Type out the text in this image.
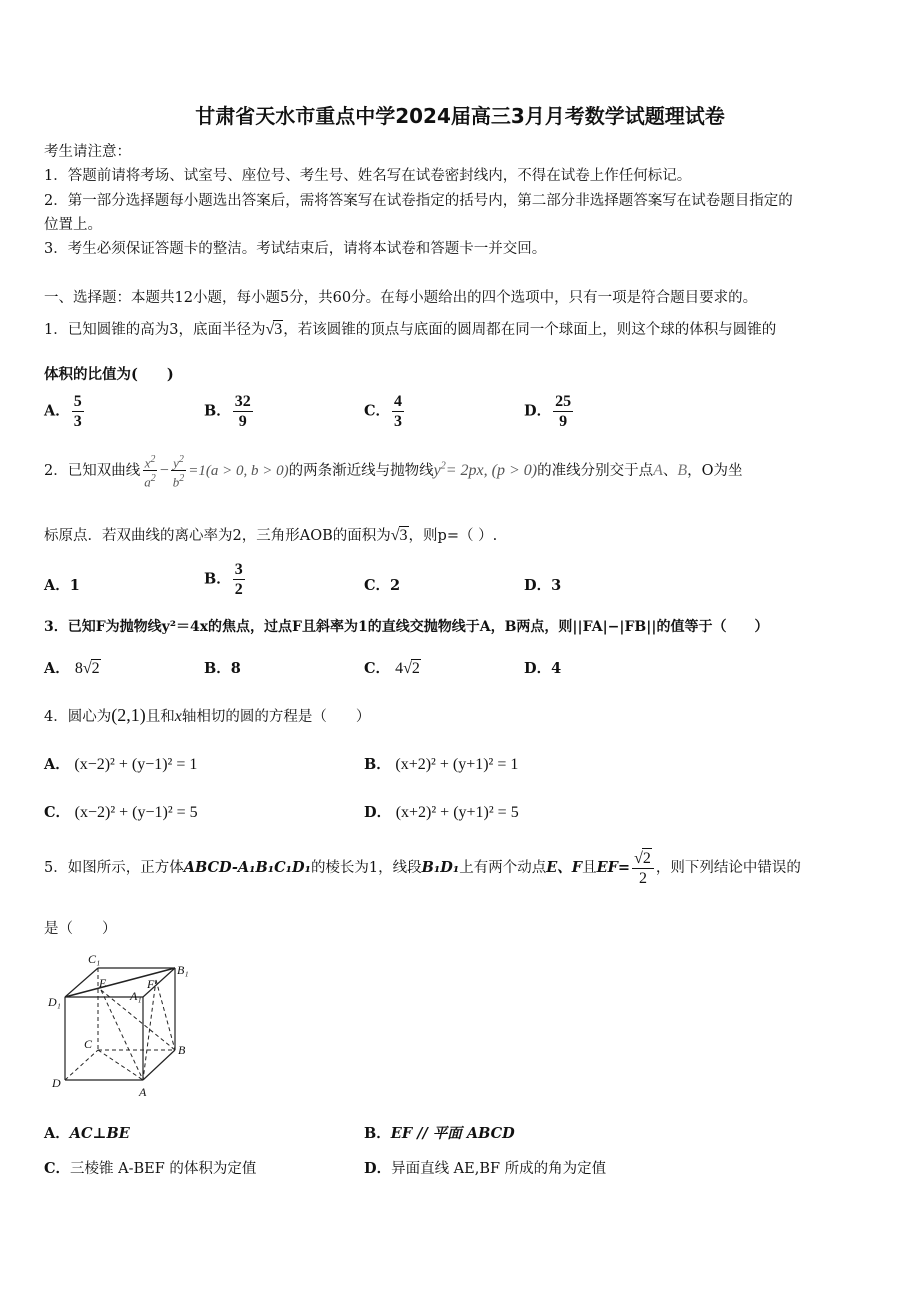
甘肃省天水市重点中学2024届高三3月月考数学试题理试卷
考生请注意：
1．答题前请将考场、试室号、座位号、考生号、姓名写在试卷密封线内，不得在试卷上作任何标记。
2．第一部分选择题每小题选出答案后，需将答案写在试卷指定的括号内，第二部分非选择题答案写在试卷题目指定的
位置上。
3．考生必须保证答题卡的整洁。考试结束后，请将本试卷和答题卡一并交回。
一、选择题：本题共12小题，每小题5分，共60分。在每小题给出的四个选项中，只有一项是符合题目要求的。
1．已知圆锥的高为3，底面半径为√3，若该圆锥的顶点与底面的圆周都在同一个球面上，则这个球的体积与圆锥的
体积的比值为(　　)
A． $\frac{5}{3}$	B． $\frac{32}{9}$	C． $\frac{4}{3}$	D． $\frac{25}{9}$
2．已知双曲线 $\frac{x^2}{a^2} - \frac{y^2}{b^2} =1(a > 0$, b > 0)的两条渐近线与抛物线$y^2= 2px$, (p > 0)的准线分别交于点A、B，O为坐
标原点．若双曲线的离心率为2，三角形AOB的面积为√3，则p=（ ）.
A．1	B． $\frac{3}{2}$	C．2	D．3
3．已知F为抛物线y²＝4x的焦点，过点F且斜率为1的直线交抛物线于A，B两点，则||FA|−|FB||的值等于（　　）
A． 8√2	B．8	C． 4√2	D．4
4．圆心为(2,1)且和x轴相切的圆的方程是（　　）
A． (x−2)² + (y−1)² = 1	B． (x+2)² + (y+1)² = 1
C． (x−2)² + (y−1)² = 5	D． (x+2)² + (y+1)² = 5
5．如图所示，正方体ABCD-A₁B₁C₁D₁的棱长为1，线段B₁D₁上有两个动点E、F且$EF= \frac{√2}{2}$ ，则下列结论中错误的
是（　　）
C₁
B₁
D₁
E
A₁
F
C	B
D
A
A．AC⊥BE	B．EF // 平面 ABCD
C．三棱锥 A-BEF 的体积为定值	D．异面直线 AE,BF 所成的角为定值
